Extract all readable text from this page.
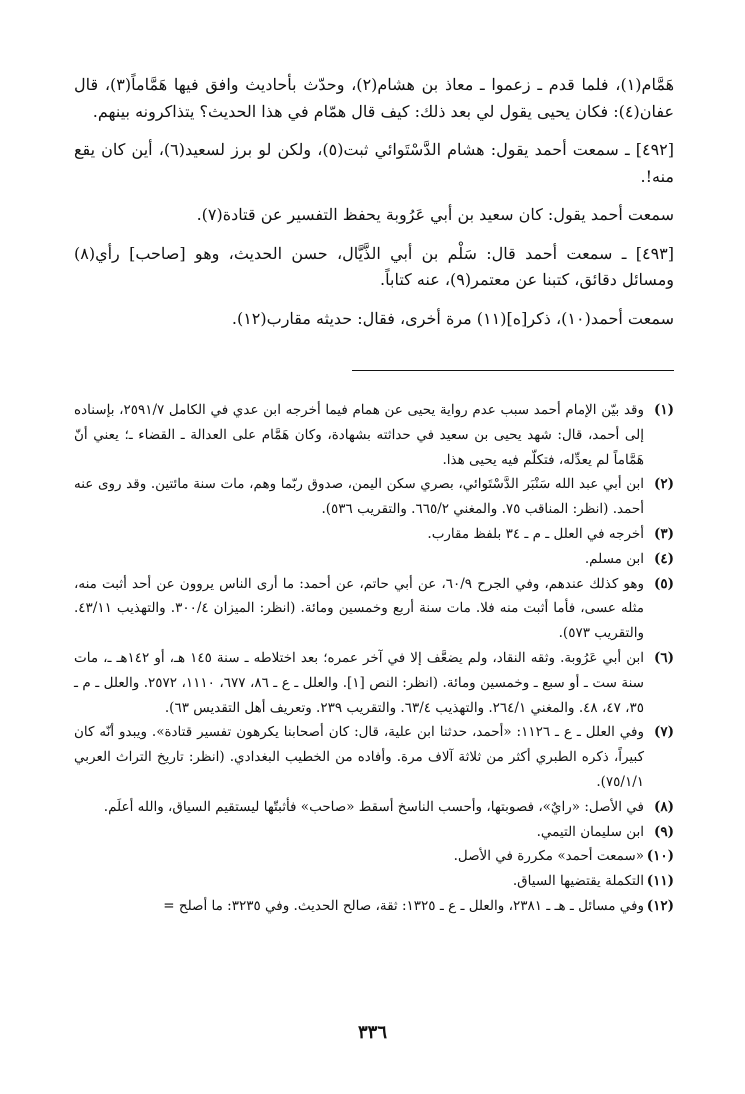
هَمَّام(١)، فلما قدم ـ زعموا ـ معاذ بن هشام(٢)، وحدّث بأحاديث وافق فيها هَمَّاماً(٣)، قال عفان(٤): فكان يحيى يقول لي بعد ذلك: كيف قال همّام في هذا الحديث؟ يتذاكرونه بينهم.

[٤٩٢] ـ سمعت أحمد يقول: هشام الدَّسْتَوائي ثبت(٥)، ولكن لو برز لسعيد(٦)، أين كان يقع منه!.

سمعت أحمد يقول: كان سعيد بن أبي عَرُوبة يحفظ التفسير عن قتادة(٧).

[٤٩٣] ـ سمعت أحمد قال: سَلْم بن أبي الذَّيَّال، حسن الحديث، وهو [صاحب] رأي(٨) ومسائل دقائق، كتبنا عن معتمر(٩)، عنه كتاباً.

سمعت أحمد(١٠)، ذكر[ه](١١) مرة أخرى، فقال: حديثه مقارب(١٢).

(١)
وقد بيّن الإمام أحمد سبب عدم رواية يحيى عن همام فيما أخرجه ابن عدي في الكامل ٢٥٩١/٧، بإسناده إلى أحمد، قال: شهد يحيى بن سعيد في حداثته بشهادة، وكان هَمَّام على العدالة ـ القضاء ـ؛ يعني أنّ هَمَّاماً لم يعدِّله، فتكلّم فيه يحيى هذا.
(٢)
ابن أبي عبد الله سَنْبَر الدَّسْتَوائي، بصري سكن اليمن، صدوق ربّما وهم، مات سنة مائتين. وقد روى عنه أحمد. (انظر: المناقب ٧٥. والمغني ٦٦٥/٢. والتقريب ٥٣٦).
(٣)
أخرجه في العلل ـ م ـ ٣٤ بلفظ مقارب.
(٤)
ابن مسلم.
(٥)
وهو كذلك عندهم، وفي الجرح ٦٠/٩، عن أبي حاتم، عن أحمد: ما أرى الناس يروون عن أحد أثبت منه، مثله عسى، فأما أثبت منه فلا. مات سنة أربع وخمسين ومائة. (انظر: الميزان ٣٠٠/٤. والتهذيب ٤٣/١١. والتقريب ٥٧٣).
(٦)
ابن أبي عَرُوبة. وثقه النقاد، ولم يضعَّف إلا في آخر عمره؛ بعد اختلاطه ـ سنة ١٤٥ هـ، أو ١٤٢هـ ـ، مات سنة ست ـ أو سبع ـ وخمسين ومائة. (انظر: النص [١]. والعلل ـ ع ـ ٨٦، ٦٧٧، ١١١٠، ٢٥٧٢. والعلل ـ م ـ ٣٥، ٤٧، ٤٨. والمغني ٢٦٤/١. والتهذيب ٦٣/٤. والتقريب ٢٣٩. وتعريف أهل التقديس ٦٣).
(٧)
وفي العلل ـ ع ـ ١١٢٦: «أحمد، حدثنا ابن علية، قال: كان أصحابنا يكرهون تفسير قتادة». ويبدو أنّه كان كبيراً، ذكره الطبري أكثر من ثلاثة آلاف مرة. وأفاده من الخطيب البغدادي. (انظر: تاريخ التراث العربي ٧٥/١/١).
(٨)
في الأصل: «رايٌ»، فصوبتها، وأحسب الناسخ أسقط «صاحب» فأثبتّها ليستقيم السياق، والله أعلَم.
(٩)
ابن سليمان التيمي.
(١٠)
«سمعت أحمد» مكررة في الأصل.
(١١)
التكملة يقتضيها السياق.
(١٢)
وفي مسائل ـ هـ ـ ٢٣٨١، والعلل ـ ع ـ ١٣٢٥: ثقة، صالح الحديث. وفي ٣٢٣٥: ما أصلح =
٣٣٦
